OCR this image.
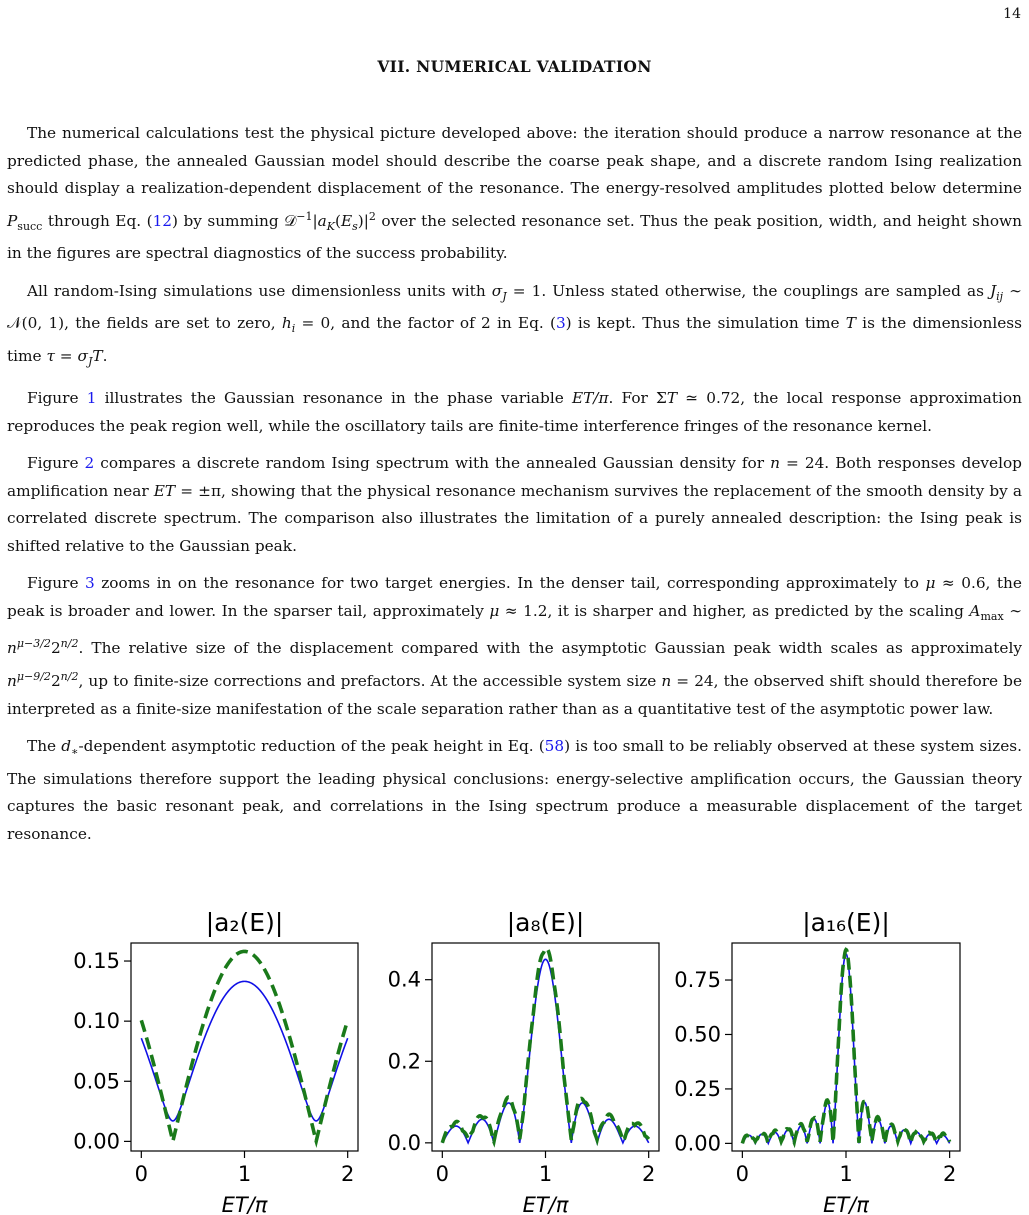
14
VII. NUMERICAL VALIDATION

The numerical calculations test the physical picture developed above: the iteration should produce a narrow resonance at the predicted phase, the annealed Gaussian model should describe the coarse peak shape, and a discrete random Ising realization should display a realization-dependent displacement of the resonance. The energy-resolved amplitudes plotted below determine $P_{succ}$ through Eq. (12) by summing $𝒟^{-1}|a_K(E_s)|^2$ over the selected resonance set. Thus the peak position, width, and height shown in the figures are spectral diagnostics of the success probability.

All random-Ising simulations use dimensionless units with $\sigma_J = 1$. Unless stated otherwise, the couplings are sampled as $J_{ij}$ ∼ 𝒩(0, 1), the fields are set to zero, $h_i = 0$, and the factor of 2 in Eq. (3) is kept. Thus the simulation time T is the dimensionless time $\tau = \sigma_JT$.

Figure 1 illustrates the Gaussian resonance in the phase variable ET/π. For ΣT ≃ 0.72, the local response approximation reproduces the peak region well, while the oscillatory tails are finite-time interference fringes of the resonance kernel.

Figure 2 compares a discrete random Ising spectrum with the annealed Gaussian density for n = 24. Both responses develop amplification near ET = ±π, showing that the physical resonance mechanism survives the replacement of the smooth density by a correlated discrete spectrum. The comparison also illustrates the limitation of a purely annealed description: the Ising peak is shifted relative to the Gaussian peak.

Figure 3 zooms in on the resonance for two target energies. In the denser tail, corresponding approximately to μ ≈ 0.6, the peak is broader and lower. In the sparser tail, approximately μ ≈ 1.2, it is sharper and higher, as predicted by the scaling $A_{max}$ ∼ $n^{\mu-3/2}2^{n/2}$. The relative size of the displacement compared with the asymptotic Gaussian peak width scales as approximately $n^{\mu-9/2}2^{n/2}$, up to finite-size corrections and prefactors. At the accessible system size n = 24, the observed shift should therefore be interpreted as a finite-size manifestation of the scale separation rather than as a quantitative test of the asymptotic power law.

The $d_∗$-dependent asymptotic reduction of the peak height in Eq. (58) is too small to be reliably observed at these system sizes. The simulations therefore support the leading physical conclusions: energy-selective amplification occurs, the Gaussian theory captures the basic resonant peak, and correlations in the Ising spectrum produce a measurable displacement of the target resonance.

|a₂(E)|
0	1	2
0.00
0.05
0.10
0.15
ET/π
|a₈(E)|
0	1	2
0.0
0.2
0.4
ET/π
|a₁₆(E)|
0	1	2
0.00
0.25
0.50
0.75
ET/π
